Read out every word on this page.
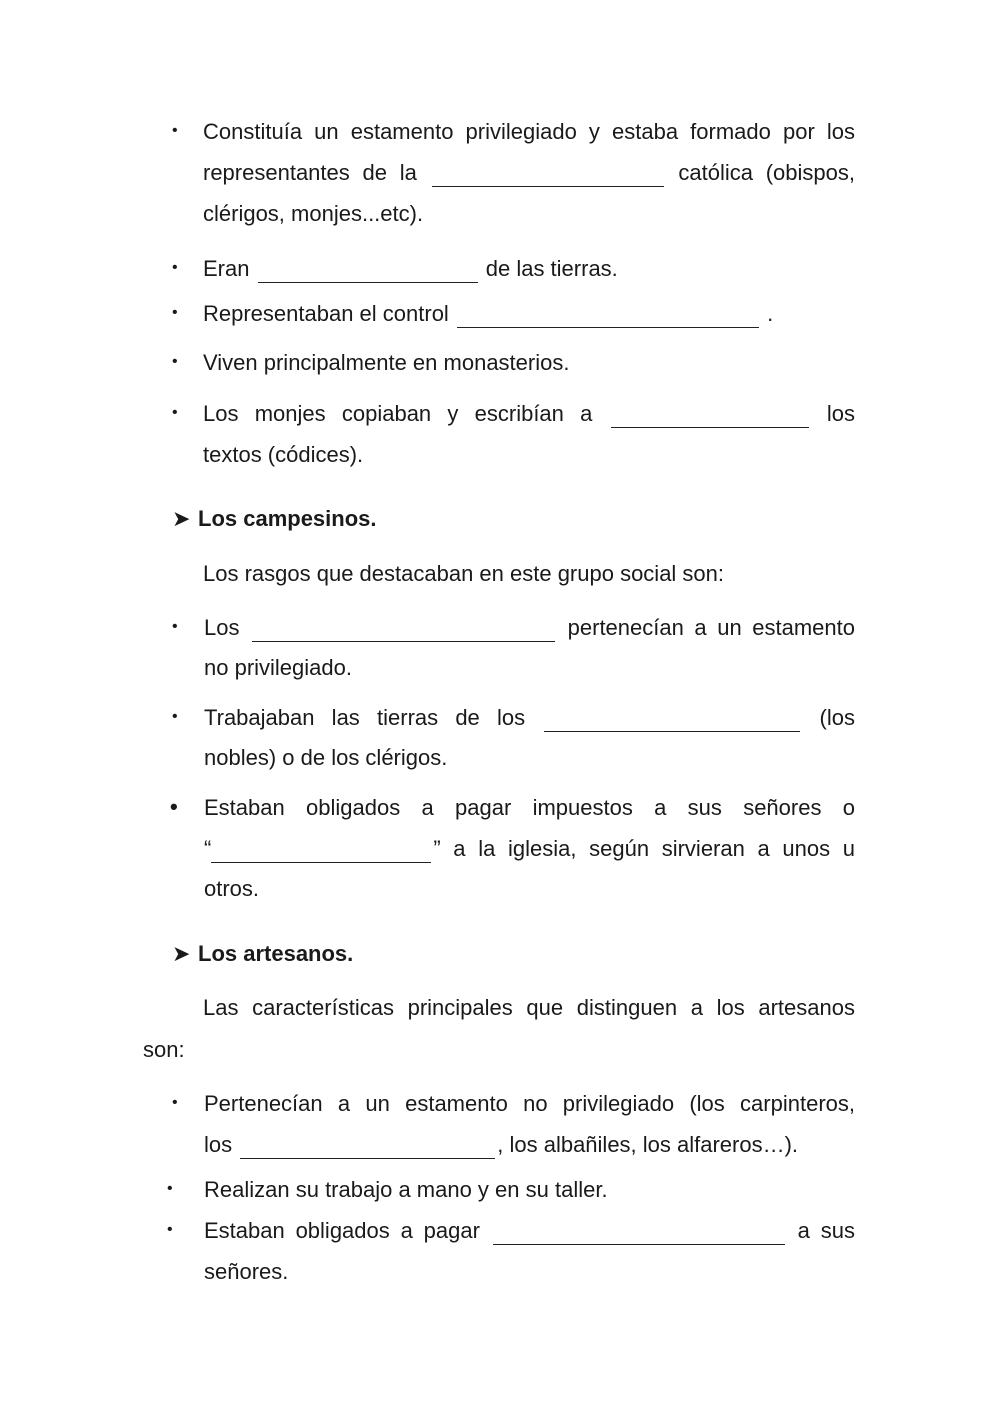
• Constituía un estamento privilegiado y estaba formado por los
representantes de la	católica (obispos,
clérigos, monjes...etc).
• Eran	de las tierras.
• Representaban el control	.
• Viven principalmente en monasterios.
• Los monjes copiaban y escribían a	los
textos (códices).
➤ Los campesinos.
Los rasgos que destacaban en este grupo social son:
• Los	pertenecían a un estamento
no privilegiado.
• Trabajaban las tierras de los	(los
nobles) o de los clérigos.
• Estaban obligados a pagar impuestos a sus señores o
“	” a la iglesia, según sirvieran a unos u
otros.
➤ Los artesanos.
Las características principales que distinguen a los artesanos
son:
• Pertenecían a un estamento no privilegiado (los carpinteros,
los	, los albañiles, los alfareros…).
• Realizan su trabajo a mano y en su taller.
• Estaban obligados a pagar	a sus
señores.
